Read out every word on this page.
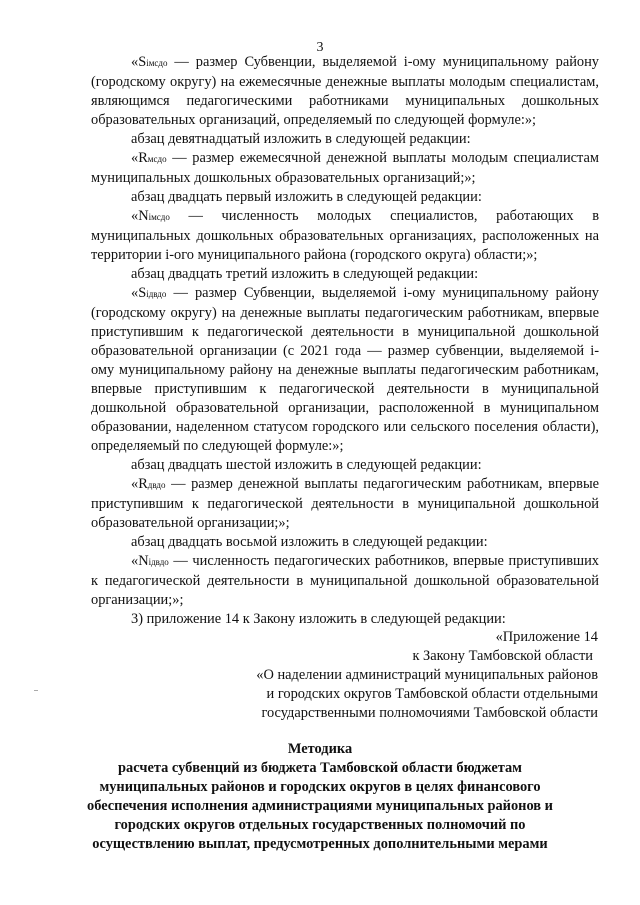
3

«Siмсдо — размер Субвенции, выделяемой i-ому муниципальному району (городскому округу) на ежемесячные денежные выплаты молодым специалистам, являющимся педагогическими работниками муниципальных дошкольных образовательных организаций, определяемый по следующей формуле:»;

абзац девятнадцатый изложить в следующей редакции:

«Rмсдо — размер ежемесячной денежной выплаты молодым специалистам муниципальных дошкольных образовательных организаций;»;

абзац двадцать первый изложить в следующей редакции:

«Niмсдо — численность молодых специалистов, работающих в муниципальных дошкольных образовательных организациях, расположенных на территории i-ого муниципального района (городского округа) области;»;

абзац двадцать третий изложить в следующей редакции:

«Siдвдо — размер Субвенции, выделяемой i-ому муниципальному району (городскому округу) на денежные выплаты педагогическим работникам, впервые приступившим к педагогической деятельности в муниципальной дошкольной образовательной организации (с 2021 года — размер субвенции, выделяемой i-ому муниципальному району на денежные выплаты педагогическим работникам, впервые приступившим к педагогической деятельности в муниципальной дошкольной образовательной организации, расположенной в муниципальном образовании, наделенном статусом городского или сельского поселения области), определяемый по следующей формуле:»;

абзац двадцать шестой изложить в следующей редакции:

«Rдвдо — размер денежной выплаты педагогическим работникам, впервые приступившим к педагогической деятельности в муниципальной дошкольной образовательной организации;»;

абзац двадцать восьмой изложить в следующей редакции:

«Niдвдо — численность педагогических работников, впервые приступивших к педагогической деятельности в муниципальной дошкольной образовательной организации;»;

3) приложение 14 к Закону изложить в следующей редакции:

«Приложение 14
к Закону Тамбовской области
«О наделении администраций муниципальных районов
и городских округов Тамбовской области отдельными
государственными полномочиями Тамбовской области
Методика
расчета субвенций из бюджета Тамбовской области бюджетам
муниципальных районов и городских округов в целях финансового
обеспечения исполнения администрациями муниципальных районов и
городских округов отдельных государственных полномочий по
осуществлению выплат, предусмотренных дополнительными мерами
